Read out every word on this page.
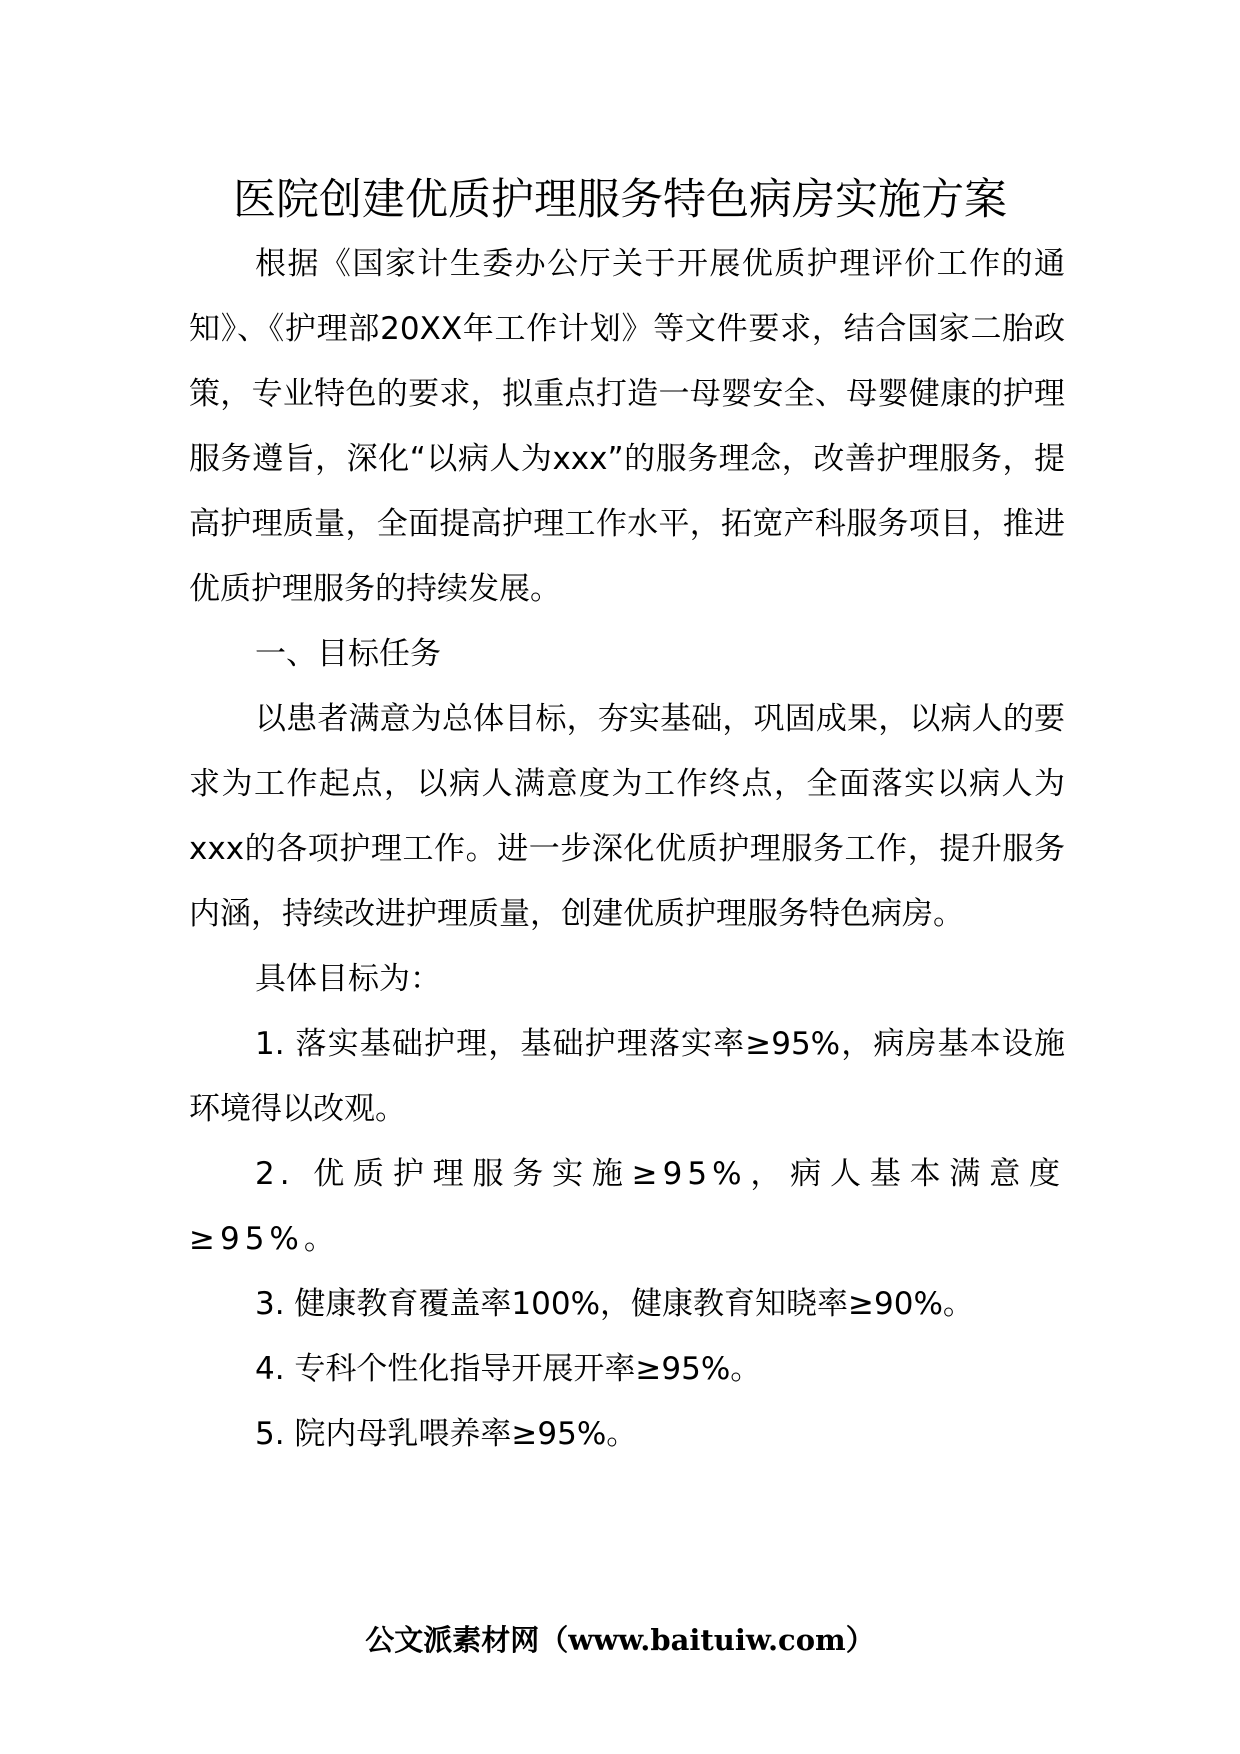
医院创建优质护理服务特色病房实施方案

根据《国家计生委办公厅关于开展优质护理评价工作的通知》、《护理部20XX年工作计划》等文件要求，结合国家二胎政策，专业特色的要求，拟重点打造一母婴安全、母婴健康的护理服务遵旨，深化“以病人为xxx”的服务理念，改善护理服务，提高护理质量，全面提高护理工作水平，拓宽产科服务项目，推进优质护理服务的持续发展。

一、目标任务

以患者满意为总体目标，夯实基础，巩固成果，以病人的要求为工作起点，以病人满意度为工作终点，全面落实以病人为xxx的各项护理工作。进一步深化优质护理服务工作，提升服务内涵，持续改进护理质量，创建优质护理服务特色病房。

具体目标为：

1. 落实基础护理，基础护理落实率≥95%，病房基本设施环境得以改观。

2. 优质护理服务实施≥95%，病人基本满意度≥95%。

3. 健康教育覆盖率100%，健康教育知晓率≥90%。

4. 专科个性化指导开展开率≥95%。

5. 院内母乳喂养率≥95%。

公文派素材网（www.baituiw.com）
